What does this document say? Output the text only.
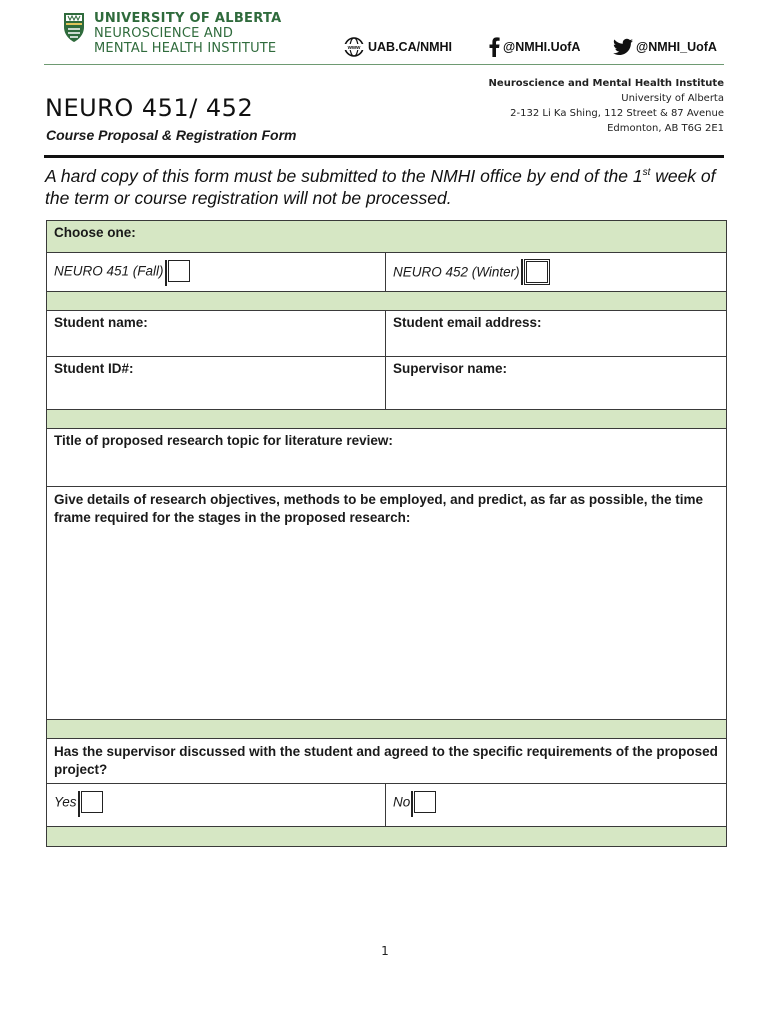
UNIVERSITY OF ALBERTA
NEUROSCIENCE AND
MENTAL HEALTH INSTITUTE	www UAB.CA/NMHI	@NMHI.UofA	@NMHI_UofA
Neuroscience and Mental Health Institute
University of Alberta
2-132 Li Ka Shing, 112 Street & 87 Avenue
Edmonton, AB T6G 2E1
NEURO 451/ 452
Course Proposal & Registration Form
A hard copy of this form must be submitted to the NMHI office by end of the 1st week of the term or course registration will not be processed.
Choose one:	
NEURO 451 (Fall)	NEURO 452 (Winter)

Student name:	Student email address:
Student ID#:	Supervisor name:

Title of proposed research topic for literature review:	
Give details of research objectives, methods to be employed, and predict, as far as possible, the time frame required for the stages in the proposed research:	

Has the supervisor discussed with the student and agreed to the specific requirements of the proposed project?	
Yes	No

1
